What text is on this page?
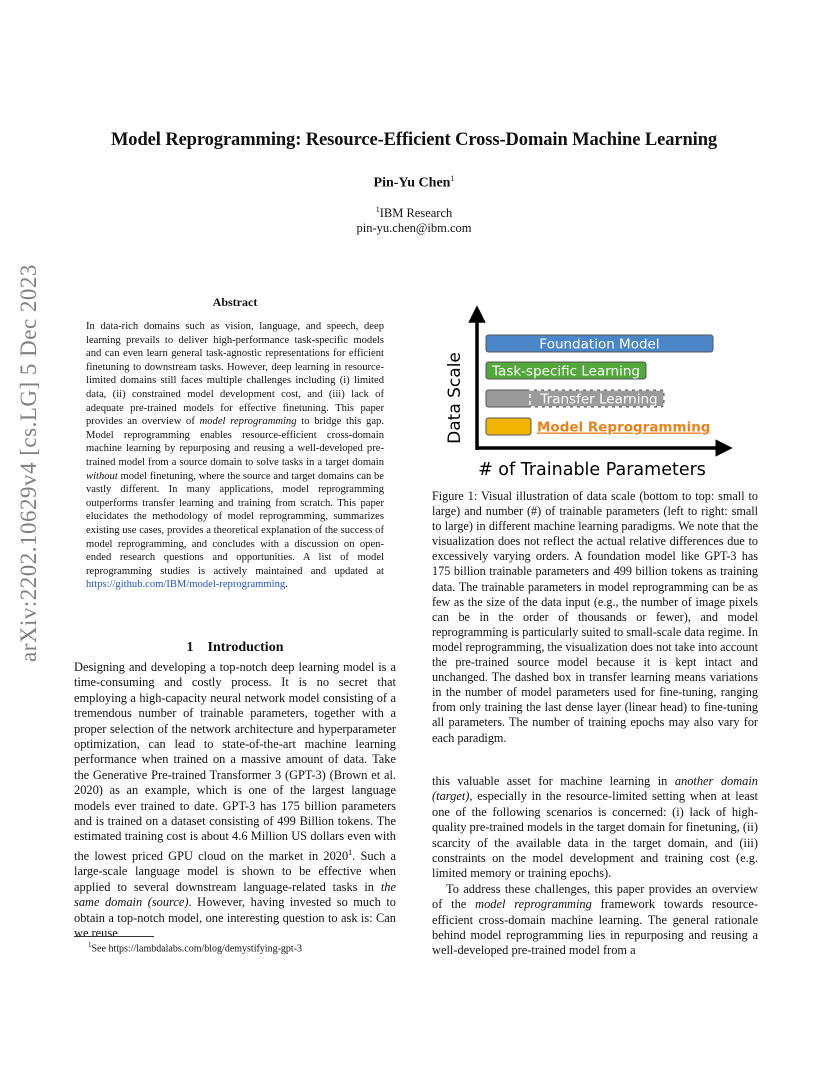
arXiv:2202.10629v4 [cs.LG] 5 Dec 2023
Model Reprogramming: Resource-Efficient Cross-Domain Machine Learning
Pin-Yu Chen$^1$
$^1$IBM Research
pin-yu.chen@ibm.com
Abstract
In data-rich domains such as vision, language, and speech, deep learning prevails to deliver high-performance task-specific models and can even learn general task-agnostic representations for efficient finetuning to downstream tasks. However, deep learning in resource-limited domains still faces multiple challenges including (i) limited data, (ii) constrained model development cost, and (iii) lack of adequate pre-trained models for effective finetuning. This paper provides an overview of model reprogramming to bridge this gap. Model reprogramming enables resource-efficient cross-domain machine learning by repurposing and reusing a well-developed pre-trained model from a source domain to solve tasks in a target domain without model finetuning, where the source and target domains can be vastly different. In many applications, model reprogramming outperforms transfer learning and training from scratch. This paper elucidates the methodology of model reprogramming, summarizes existing use cases, provides a theoretical explanation of the success of model reprogramming, and concludes with a discussion on open-ended research questions and opportunities. A list of model reprogramming studies is actively maintained and updated at https://github.com/IBM/model-reprogramming.
1 Introduction
Designing and developing a top-notch deep learning model is a time-consuming and costly process. It is no secret that employing a high-capacity neural network model consisting of a tremendous number of trainable parameters, together with a proper selection of the network architecture and hyperparameter optimization, can lead to state-of-the-art machine learning performance when trained on a massive amount of data. Take the Generative Pre-trained Transformer 3 (GPT-3) (Brown et al. 2020) as an example, which is one of the largest language models ever trained to date. GPT-3 has 175 billion parameters and is trained on a dataset consisting of 499 Billion tokens. The estimated training cost is about 4.6 Million US dollars even with the lowest priced GPU cloud on the market in 2020$^1$. Such a large-scale language model is shown to be effective when applied to several downstream language-related tasks in the same domain (source). However, having invested so much to obtain a top-notch model, one interesting question to ask is: Can we reuse
$^1$See https://lambdalabs.com/blog/demystifying-gpt-3
Data Scale
Foundation Model
Task-specific Learning
Transfer Learning
Model Reprogramming
# of Trainable Parameters
Figure 1: Visual illustration of data scale (bottom to top: small to large) and number (#) of trainable parameters (left to right: small to large) in different machine learning paradigms. We note that the visualization does not reflect the actual relative differences due to excessively varying orders. A foundation model like GPT-3 has 175 billion trainable parameters and 499 billion tokens as training data. The trainable parameters in model reprogramming can be as few as the size of the data input (e.g., the number of image pixels can be in the order of thousands or fewer), and model reprogramming is particularly suited to small-scale data regime. In model reprogramming, the visualization does not take into account the pre-trained source model because it is kept intact and unchanged. The dashed box in transfer learning means variations in the number of model parameters used for fine-tuning, ranging from only training the last dense layer (linear head) to fine-tuning all parameters. The number of training epochs may also vary for each paradigm.

this valuable asset for machine learning in another domain (target), especially in the resource-limited setting when at least one of the following scenarios is concerned: (i) lack of high-quality pre-trained models in the target domain for finetuning, (ii) scarcity of the available data in the target domain, and (iii) constraints on the model development and training cost (e.g. limited memory or training epochs).

To address these challenges, this paper provides an overview of the model reprogramming framework towards resource-efficient cross-domain machine learning. The general rationale behind model reprogramming lies in repurposing and reusing a well-developed pre-trained model from a
